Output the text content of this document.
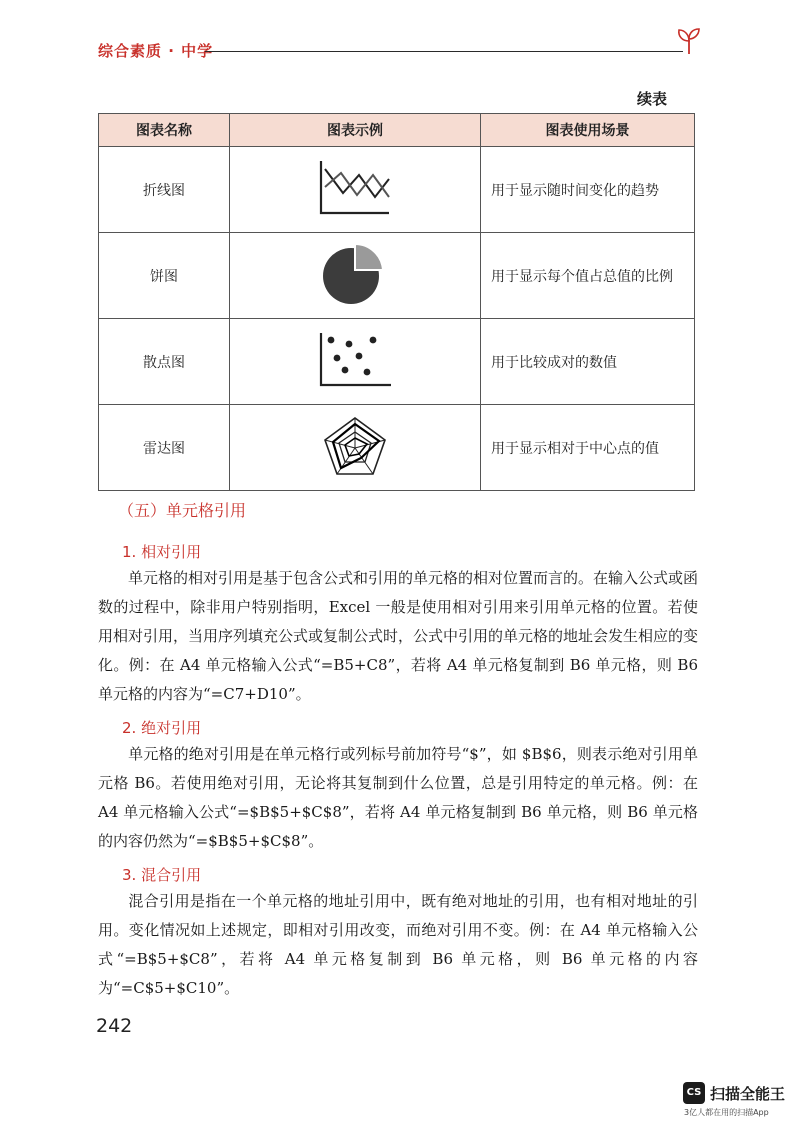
综合素质 · 中学
续表
图表名称	图表示例	图表使用场景
折线图		用于显示随时间变化的趋势
饼图		用于显示每个值占总值的比例
散点图		用于比较成对的数值
雷达图		用于显示相对于中心点的值
（五）单元格引用
1. 相对引用

单元格的相对引用是基于包含公式和引用的单元格的相对位置而言的。在输入公式或函数的过程中，除非用户特别指明，Excel 一般是使用相对引用来引用单元格的位置。若使用相对引用，当用序列填充公式或复制公式时，公式中引用的单元格的地址会发生相应的变化。例：在 A4 单元格输入公式“=B5+C8”，若将 A4 单元格复制到 B6 单元格，则 B6 单元格的内容为“=C7+D10”。

2. 绝对引用

单元格的绝对引用是在单元格行或列标号前加符号“$”，如 $B$6，则表示绝对引用单元格 B6。若使用绝对引用，无论将其复制到什么位置，总是引用特定的单元格。例：在 A4 单元格输入公式“=$B$5+$C$8”，若将 A4 单元格复制到 B6 单元格，则 B6 单元格的内容仍然为“=$B$5+$C$8”。

3. 混合引用

混合引用是指在一个单元格的地址引用中，既有绝对地址的引用，也有相对地址的引用。变化情况如上述规定，即相对引用改变，而绝对引用不变。例：在 A4 单元格输入公式“=B$5+$C8”，若将 A4 单元格复制到 B6 单元格，则 B6 单元格的内容为“=C$5+$C10”。

242
CS 扫描全能王
3亿人都在用的扫描App
